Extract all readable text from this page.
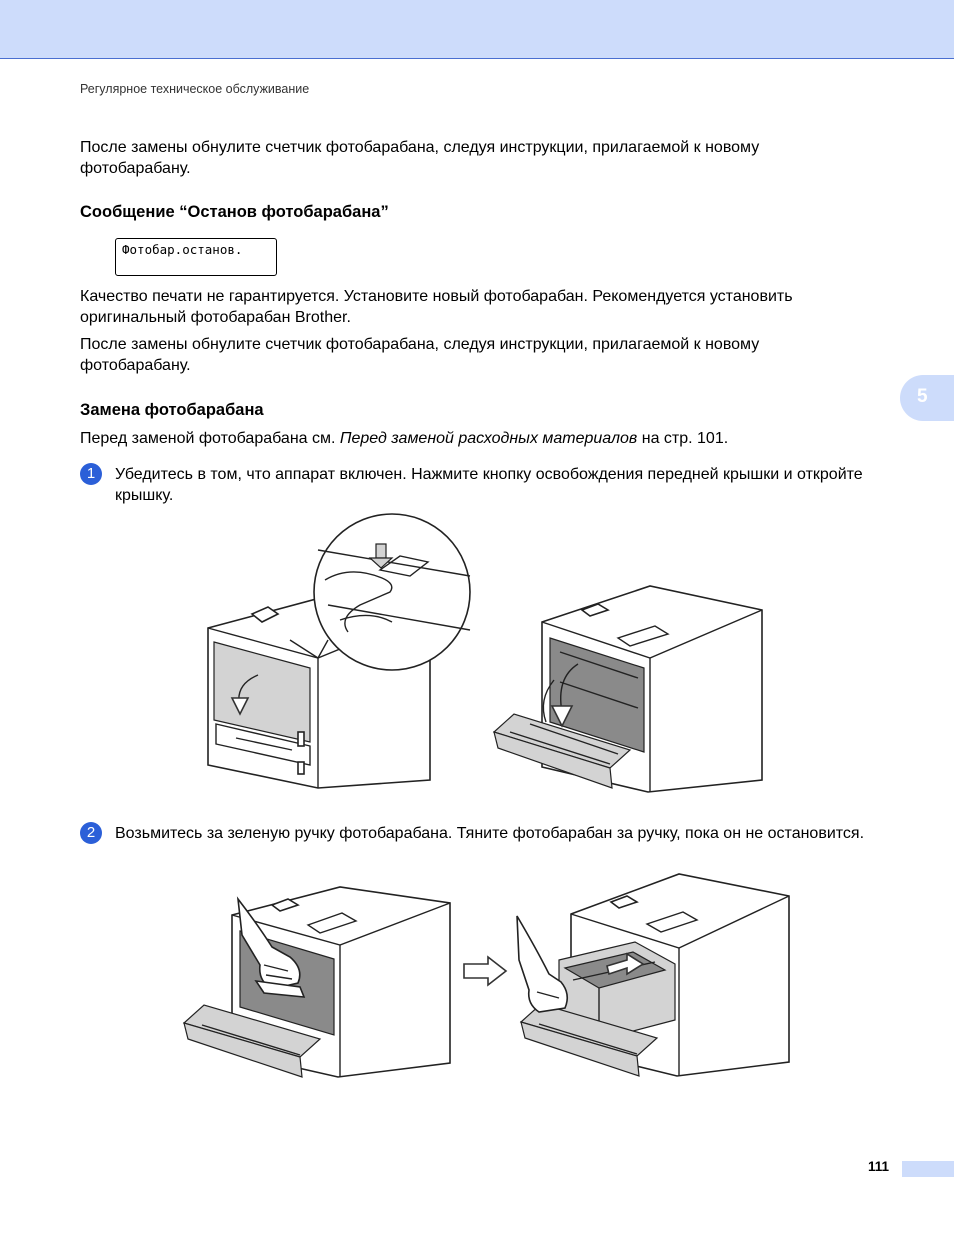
Регулярное техническое обслуживание
После замены обнулите счетчик фотобарабана, следуя инструкции, прилагаемой к новому фотобарабану.
Сообщение “Останов фотобарабана”
Фотобар.останов.
Качество печати не гарантируется. Установите новый фотобарабан. Рекомендуется установить оригинальный фотобарабан Brother.
После замены обнулите счетчик фотобарабана, следуя инструкции, прилагаемой к новому фотобарабану.
5
Замена фотобарабана
Перед заменой фотобарабана см. Перед заменой расходных материалов на стр. 101.
1	Убедитесь в том, что аппарат включен. Нажмите кнопку освобождения передней крышки и откройте крышку.
2	Возьмитесь за зеленую ручку фотобарабана. Тяните фотобарабан за ручку, пока он не остановится.
111
